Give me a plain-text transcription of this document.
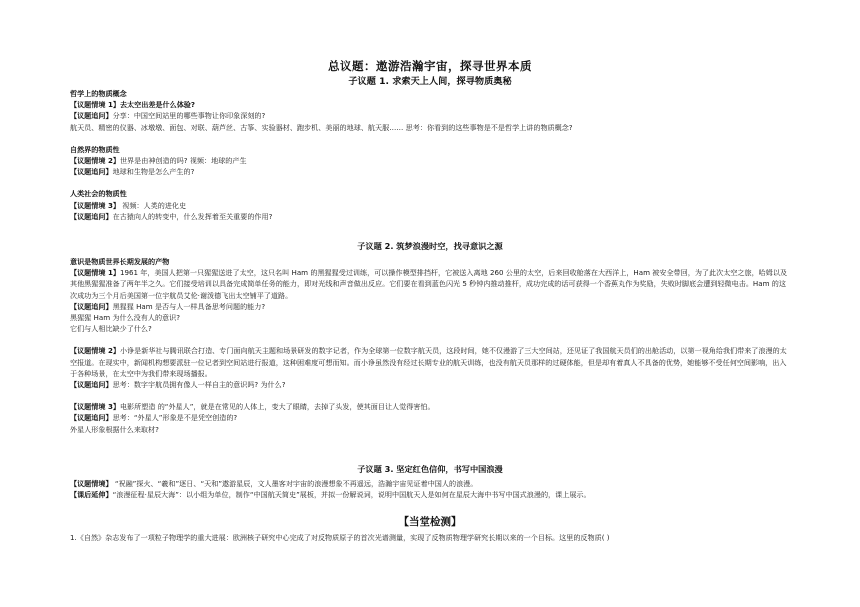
总议题：遨游浩瀚宇宙，探寻世界本质
子议题 1. 求索天上人间，探寻物质奥秘
哲学上的物质概念
【议题情境 1】去太空出差是什么体验?
【议题追问】分享：中国空间站里的哪些事物让你印象深刻的?
航天员、精密的仪器、冰墩墩、面包、对联、葫芦丝、古筝、实验器材、跑步机、美丽的地球、航天服…… 思考：你看到的这些事物是不是哲学上讲的物质概念?
自然界的物质性
【议题情境 2】世界是由神创造的吗? 视频：地球的产生
【议题追问】地球和生物是怎么产生的?
人类社会的物质性
【议题情境 3】 视频：人类的进化史
【议题追问】在古猿向人的转变中，什么发挥着至关重要的作用?
子议题 2. 筑梦浪漫时空，找寻意识之源
意识是物质世界长期发展的产物
【议题情境 1】1961 年，美国人把第一只猩猩送进了太空，这只名叫 Ham 的黑猩猩受过训练，可以操作模型排挡杆，它被送入离地 260 公里的太空，后来回收舱落在大西洋上，Ham 被安全带回，为了此次太空之旅，哈姆以及其他黑猩猩准备了两年半之久。它们接受培训以具备完成简单任务的能力，即对光线和声音做出反应。它们要在看到蓝色闪光 5 秒钟内推动推杆，成功完成的话可获得一个香蕉丸作为奖励，失败时脚底会遭到轻微电击。Ham 的这次成功为三个月后美国第一位宇航员艾伦·谢泼德飞出太空铺平了道路。
【议题追问】黑猩猩 Ham 是否与人一样具备思考问题的能力?
黑猩猩 Ham 为什么没有人的意识?
它们与人相比缺少了什么?
【议题情境 2】小诤是新华社与腾讯联合打造、专门面向航天主题和场景研发的数字记者，作为全球第一位数字航天员，这段时间，她不仅漫游了三大空间站，还见证了我国航天员们的出舱活动，以第一视角给我们带来了浪漫的太空报道。在现实中，新闻机构想要派驻一位记者到空间站进行报道，这种困难度可想而知。而小诤虽然没有经过长期专业的航天训练，也没有航天员那样的过硬体能，但是却有着真人不具备的优势，她能够不受任何空间影响，出入于各种场景，在太空中为我们带来现场播报。
【议题追问】思考：数字宇航员拥有像人一样自主的意识吗? 为什么?
【议题情境 3】电影所塑造 的“外星人”，就是在常见的人体上，变大了眼睛，去掉了头发，使其面目让人觉得害怕。
【议题追问】思考：“外星人”形象是不是凭空创造的?
外星人形象根据什么来取材?
子议题 3. 坚定红色信仰，书写中国浪漫
【议题情境】 “祝融”探火、“羲和”逐日、“天和”遨游星辰，文人墨客对宇宙的浪漫想象不再遥远，浩瀚宇宙见证着中国人的浪漫。
【课后延伸】“浪漫征程·星辰大海”：以小组为单位，制作“中国航天简史”展板，并拟一份解说词，说明中国航天人是如何在星辰大海中书写中国式浪漫的，课上展示。
【当堂检测】
1.《自然》杂志发布了一项粒子物理学的重大进展：欧洲核子研究中心完成了对反物质原子的首次光谱测量，实现了反物质物理学研究长期以来的一个目标。这里的反物质( )
